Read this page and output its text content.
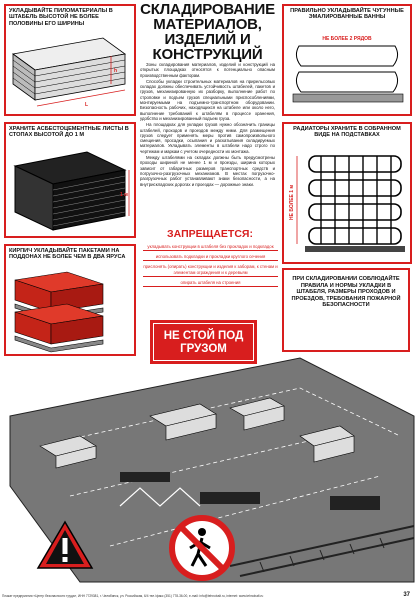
СКЛАДИРОВАНИЕ МАТЕРИАЛОВ, ИЗДЕЛИЙ И КОНСТРУКЦИЙ

Зоны складирования материалов, изделий и конструкций на открытых площадках относятся к потенциально опасным производственным факторам.

Способы укладки строительных материалов на прирельсовых складах должны обеспечивать устойчивость штабелей, пакетов и грузов, механизированную их разборку, выполнение работ по строповке и подъем грузов специальными приспособлениями, монтируемыми на подъемно-транспортном оборудовании. Безопасность рабочих, находящихся на штабеле или около него, выполнение требований к штабелям в процессе хранения, удобство и механизированный подъем груза.

На площадках для укладки грузов нужно обозначить границы штабелей, проходов и проездов между ними. Для размещения грузов следует применять меры против самопроизвольного смещения, просадки, осыпания и раскатывания складируемых материалов. Укладывать элементы в штабели надо строго по чертежам и маркам с учетом очередности их монтажа.

Между штабелями на складах должны быть предусмотрены проходы шириной не менее 1 м и проезды, ширина которых зависит от габаритных размеров транспортных средств и погрузочно-разгрузочных механизмов. В местах погрузочно-разгрузочных работ устанавливают знаки безопасности, а на внутрискладских дорогах и проездах — дорожные знаки.

УКЛАДЫВАЙТЕ ПИЛОМАТЕРИАЛЫ В ШТАБЕЛЬ ВЫСОТОЙ НЕ БОЛЕЕ ПОЛОВИНЫ ЕГО ШИРИНЫ
h
L
ХРАНИТЕ АСБЕСТОЦЕМЕНТНЫЕ ЛИСТЫ В СТОПАХ ВЫСОТОЙ ДО 1 М
1 м
КИРПИЧ УКЛАДЫВАЙТЕ ПАКЕТАМИ НА ПОДДОНАХ НЕ БОЛЕЕ ЧЕМ В ДВА ЯРУСА
ПРАВИЛЬНО УКЛАДЫВАЙТЕ ЧУГУННЫЕ ЭМАЛИРОВАННЫЕ ВАННЫ
НЕ БОЛЕЕ 2 РЯДОВ
РАДИАТОРЫ ХРАНИТЕ В СОБРАННОМ ВИДЕ НА ПОДСТАВКАХ
НЕ БОЛЕЕ 1 м
ЗАПРЕЩАЕТСЯ:
укладывать конструкции в штабеля без прокладок и подкладок
использовать подкладки и прокладки круглого сечения
прислонять (опирать) конструкции и изделия к заборам, к стенам и элементам ограждения и к деревьям
опирать штабеля на строения
ПРИ СКЛАДИРОВАНИИ СОБЛЮДАЙТЕ ПРАВИЛА И НОРМЫ УКЛАДКИ В ШТАБЕЛЯ, РАЗМЕРЫ ПРОХОДОВ И ПРОЕЗДОВ, ТРЕБОВАНИЯ ПОЖАРНОЙ БЕЗОПАСНОСТИ
НЕ СТОЙ ПОД ГРУЗОМ
Плакат предприятия «Центр безопасности труда», ИНН 7729381, г. Челябинск, ул. Российская, 6/4 тел./факс (351) 778-36-00, e-mail: info@tehnobalt.ru, internet: www.tehnobalt.ru	37
